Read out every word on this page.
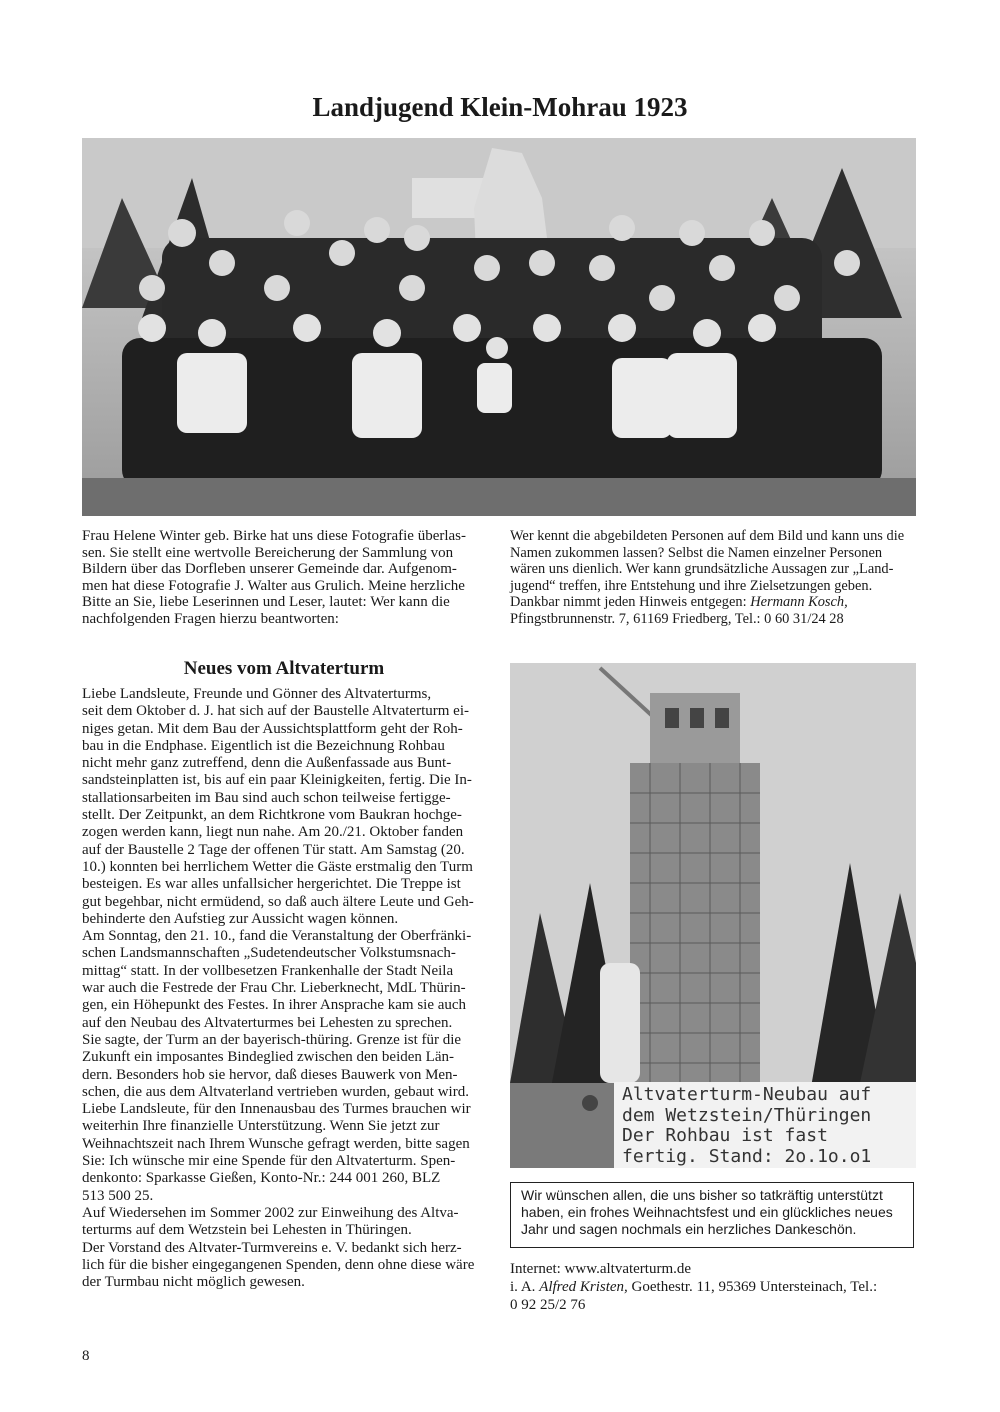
Landjugend Klein-Mohrau 1923
Frau Helene Winter geb. Birke hat uns diese Fotografie überlas-
sen. Sie stellt eine wertvolle Bereicherung der Sammlung von
Bildern über das Dorfleben unserer Gemeinde dar. Aufgenom-
men hat diese Fotografie J. Walter aus Grulich. Meine herzliche
Bitte an Sie, liebe Leserinnen und Leser, lautet: Wer kann die
nachfolgenden Fragen hierzu beantworten:
Wer kennt die abgebildeten Personen auf dem Bild und kann uns die
Namen zukommen lassen? Selbst die Namen einzelner Personen
wären uns dienlich. Wer kann grundsätzliche Aussagen zur „Land-
jugend“ treffen, ihre Entstehung und ihre Zielsetzungen geben.
Dankbar nimmt jeden Hinweis entgegen: Hermann Kosch,
Pfingstbrunnenstr. 7, 61169 Friedberg, Tel.: 0 60 31/24 28
Neues vom Altvaterturm
Liebe Landsleute, Freunde und Gönner des Altvaterturms,
seit dem Oktober d. J. hat sich auf der Baustelle Altvaterturm ei-
niges getan. Mit dem Bau der Aussichtsplattform geht der Roh-
bau in die Endphase. Eigentlich ist die Bezeichnung Rohbau
nicht mehr ganz zutreffend, denn die Außenfassade aus Bunt-
sandsteinplatten ist, bis auf ein paar Kleinigkeiten, fertig. Die In-
stallationsarbeiten im Bau sind auch schon teilweise fertigge-
stellt. Der Zeitpunkt, an dem Richtkrone vom Baukran hochge-
zogen werden kann, liegt nun nahe. Am 20./21. Oktober fanden
auf der Baustelle 2 Tage der offenen Tür statt. Am Samstag (20.
10.) konnten bei herrlichem Wetter die Gäste erstmalig den Turm
besteigen. Es war alles unfallsicher hergerichtet. Die Treppe ist
gut begehbar, nicht ermüdend, so daß auch ältere Leute und Geh-
behinderte den Aufstieg zur Aussicht wagen können.
Am Sonntag, den 21. 10., fand die Veranstaltung der Oberfränki-
schen Landsmannschaften „Sudetendeutscher Volkstumsnach-
mittag“ statt. In der vollbesetzen Frankenhalle der Stadt Neila
war auch die Festrede der Frau Chr. Lieberknecht, MdL Thürin-
gen, ein Höhepunkt des Festes. In ihrer Ansprache kam sie auch
auf den Neubau des Altvaterturmes bei Lehesten zu sprechen.
Sie sagte, der Turm an der bayerisch-thüring. Grenze ist für die
Zukunft ein imposantes Bindeglied zwischen den beiden Län-
dern. Besonders hob sie hervor, daß dieses Bauwerk von Men-
schen, die aus dem Altvaterland vertrieben wurden, gebaut wird.
Liebe Landsleute, für den Innenausbau des Turmes brauchen wir
weiterhin Ihre finanzielle Unterstützung. Wenn Sie jetzt zur
Weihnachtszeit nach Ihrem Wunsche gefragt werden, bitte sagen
Sie: Ich wünsche mir eine Spende für den Altvaterturm. Spen-
denkonto: Sparkasse Gießen, Konto-Nr.: 244 001 260, BLZ
513 500 25.
Auf Wiedersehen im Sommer 2002 zur Einweihung des Altva-
terturms auf dem Wetzstein bei Lehesten in Thüringen.
Der Vorstand des Altvater-Turmvereins e. V. bedankt sich herz-
lich für die bisher eingegangenen Spenden, denn ohne diese wäre
der Turmbau nicht möglich gewesen.
Altvaterturm-Neubau auf
dem Wetzstein/Thüringen
Der Rohbau ist fast
fertig. Stand: 2o.1o.o1
Wir wünschen allen, die uns bisher so tatkräftig unterstützt
haben, ein frohes Weihnachtsfest und ein glückliches neues
Jahr und sagen nochmals ein herzliches Dankeschön.
Internet: www.altvaterturm.de
i. A. Alfred Kristen, Goethestr. 11, 95369 Untersteinach, Tel.:
0 92 25/2 76
8
